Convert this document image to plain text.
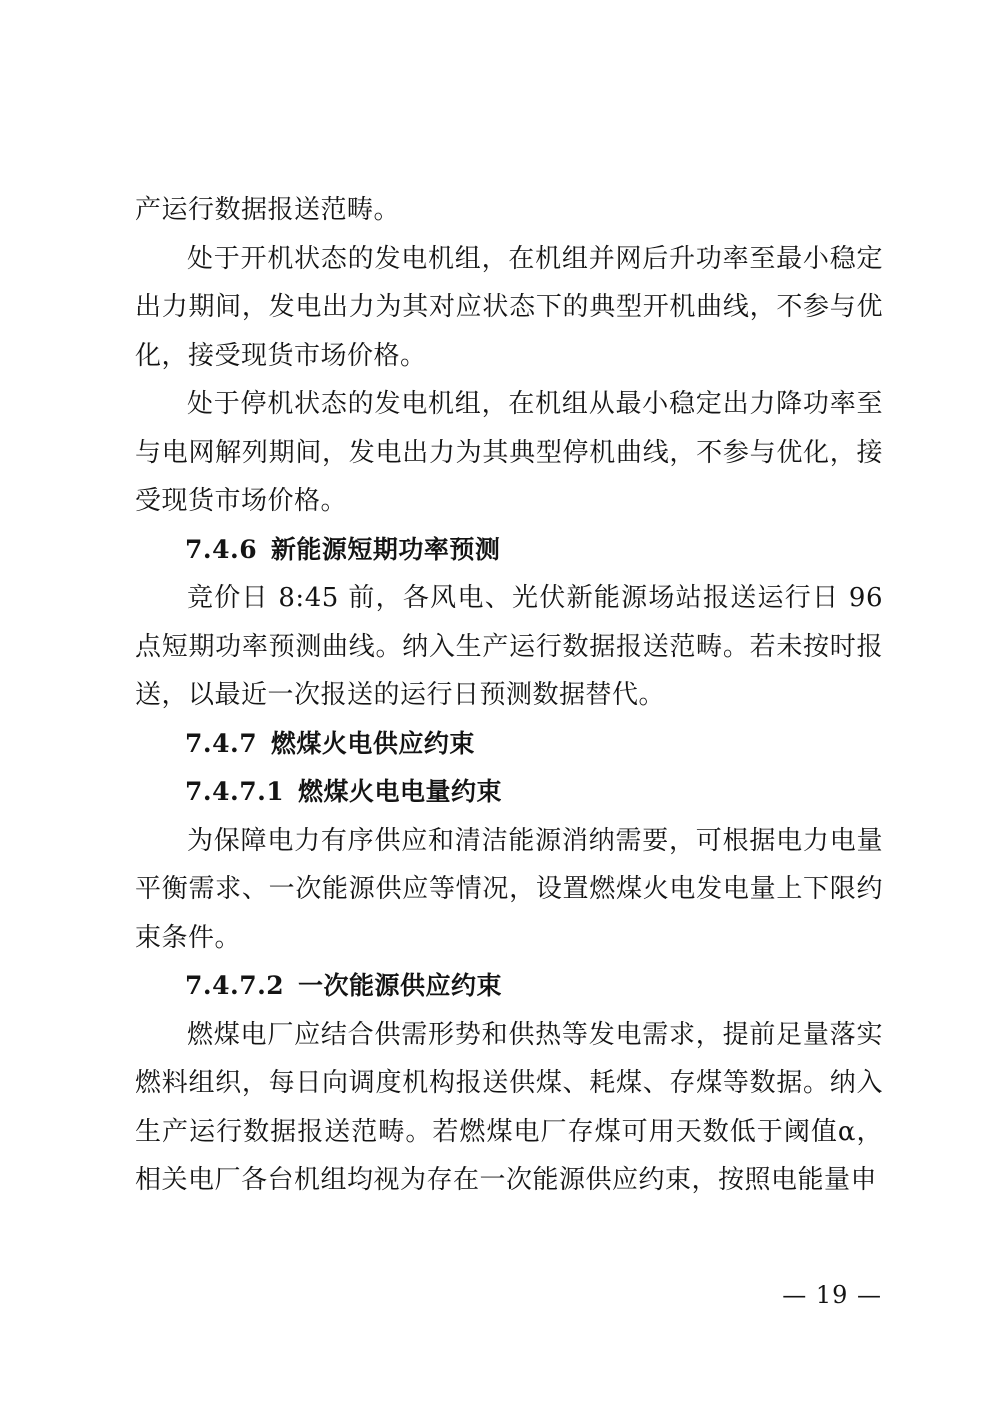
产运行数据报送范畴。

处于开机状态的发电机组，在机组并网后升功率至最小稳定出力期间，发电出力为其对应状态下的典型开机曲线，不参与优化，接受现货市场价格。

处于停机状态的发电机组，在机组从最小稳定出力降功率至与电网解列期间，发电出力为其典型停机曲线，不参与优化，接受现货市场价格。

7.4.6 新能源短期功率预测

竞价日 8:45 前，各风电、光伏新能源场站报送运行日 96 点短期功率预测曲线。纳入生产运行数据报送范畴。若未按时报送，以最近一次报送的运行日预测数据替代。

7.4.7 燃煤火电供应约束
7.4.7.1 燃煤火电电量约束

为保障电力有序供应和清洁能源消纳需要，可根据电力电量平衡需求、一次能源供应等情况，设置燃煤火电发电量上下限约束条件。

7.4.7.2 一次能源供应约束

燃煤电厂应结合供需形势和供热等发电需求，提前足量落实燃料组织，每日向调度机构报送供煤、耗煤、存煤等数据。纳入生产运行数据报送范畴。若燃煤电厂存煤可用天数低于阈值α，相关电厂各台机组均视为存在一次能源供应约束，按照电能量申

— 19 —
